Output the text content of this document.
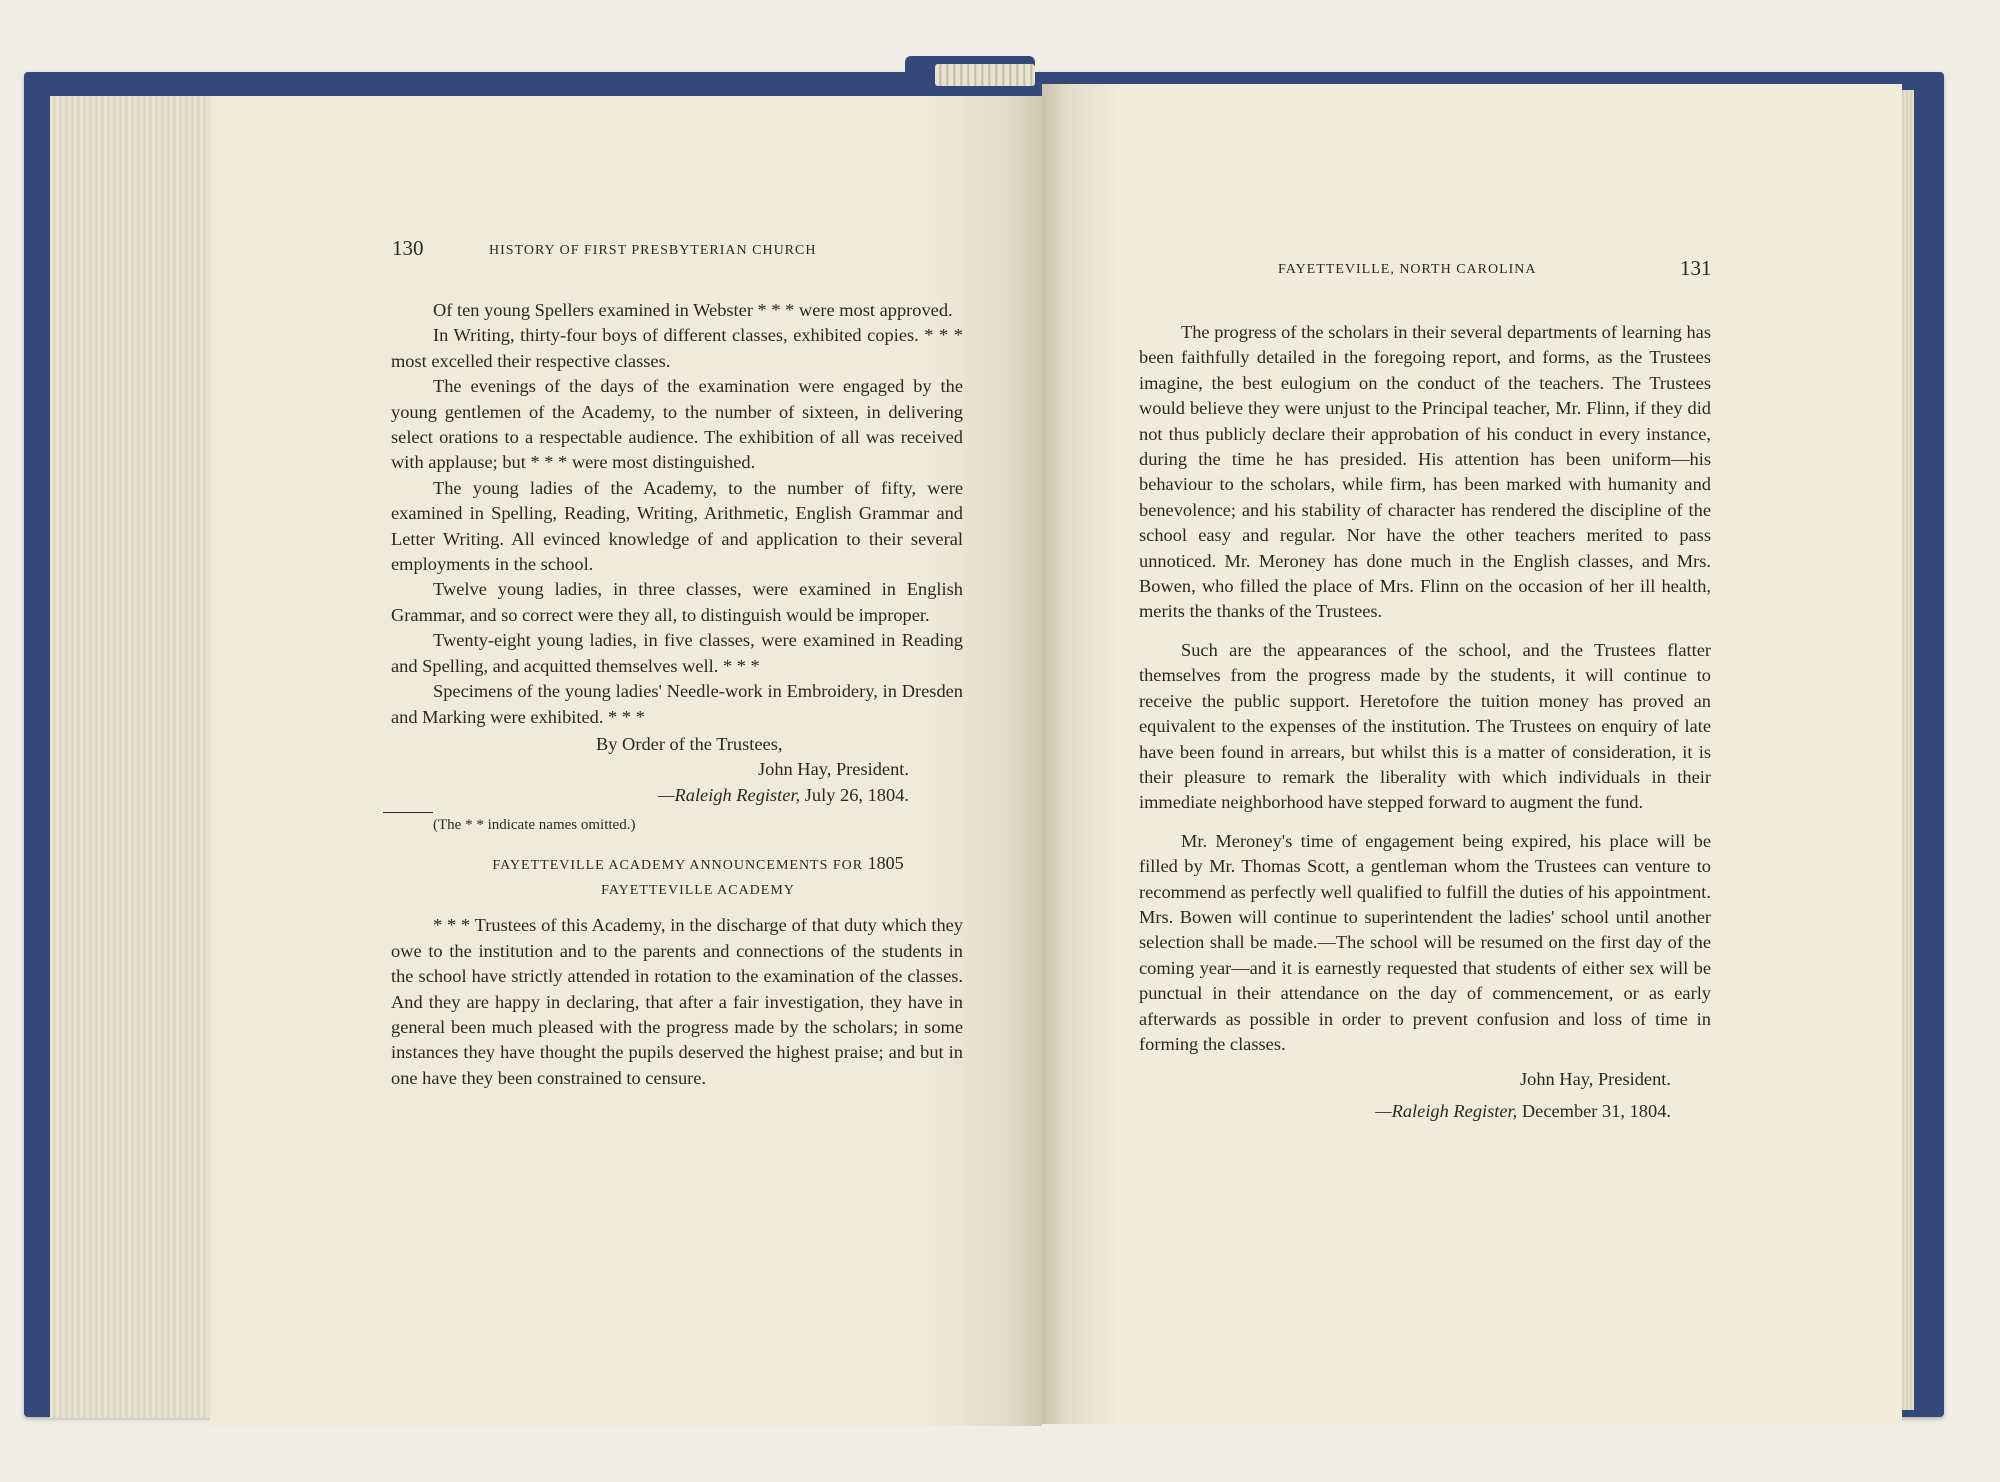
130	HISTORY OF FIRST PRESBYTERIAN CHURCH

Of ten young Spellers examined in Webster * * * were most approved.

In Writing, thirty-four boys of different classes, exhibited copies. * * * most excelled their respective classes.

The evenings of the days of the examination were engaged by the young gentlemen of the Academy, to the number of sixteen, in delivering select orations to a respectable audience. The exhibition of all was received with applause; but * * * were most distinguished.

The young ladies of the Academy, to the number of fifty, were examined in Spelling, Reading, Writing, Arithmetic, English Grammar and Letter Writing. All evinced knowledge of and application to their several employments in the school.

Twelve young ladies, in three classes, were examined in English Grammar, and so correct were they all, to distinguish would be improper.

Twenty-eight young ladies, in five classes, were examined in Reading and Spelling, and acquitted themselves well. * * *

Specimens of the young ladies' Needle-work in Embroidery, in Dresden and Marking were exhibited. * * *

By Order of the Trustees,

John Hay, President.

—Raleigh Register, July 26, 1804.

(The * * indicate names omitted.)

FAYETTEVILLE ACADEMY ANNOUNCEMENTS FOR 1805

FAYETTEVILLE ACADEMY

* * * Trustees of this Academy, in the discharge of that duty which they owe to the institution and to the parents and connections of the students in the school have strictly attended in rotation to the examination of the classes. And they are happy in declaring, that after a fair investigation, they have in general been much pleased with the progress made by the scholars; in some instances they have thought the pupils deserved the highest praise; and but in one have they been constrained to censure.

FAYETTEVILLE, NORTH CAROLINA	131

The progress of the scholars in their several departments of learning has been faithfully detailed in the foregoing report, and forms, as the Trustees imagine, the best eulogium on the conduct of the teachers. The Trustees would believe they were unjust to the Principal teacher, Mr. Flinn, if they did not thus publicly declare their approbation of his conduct in every instance, during the time he has presided. His attention has been uniform—his behaviour to the scholars, while firm, has been marked with humanity and benevolence; and his stability of character has rendered the discipline of the school easy and regular. Nor have the other teachers merited to pass unnoticed. Mr. Meroney has done much in the English classes, and Mrs. Bowen, who filled the place of Mrs. Flinn on the occasion of her ill health, merits the thanks of the Trustees.

Such are the appearances of the school, and the Trustees flatter themselves from the progress made by the students, it will continue to receive the public support. Heretofore the tuition money has proved an equivalent to the expenses of the institution. The Trustees on enquiry of late have been found in arrears, but whilst this is a matter of consideration, it is their pleasure to remark the liberality with which individuals in their immediate neighborhood have stepped forward to augment the fund.

Mr. Meroney's time of engagement being expired, his place will be filled by Mr. Thomas Scott, a gentleman whom the Trustees can venture to recommend as perfectly well qualified to fulfill the duties of his appointment. Mrs. Bowen will continue to superintendent the ladies' school until another selection shall be made.—The school will be resumed on the first day of the coming year—and it is earnestly requested that students of either sex will be punctual in their attendance on the day of commencement, or as early afterwards as possible in order to prevent confusion and loss of time in forming the classes.

John Hay, President.

—Raleigh Register, December 31, 1804.
